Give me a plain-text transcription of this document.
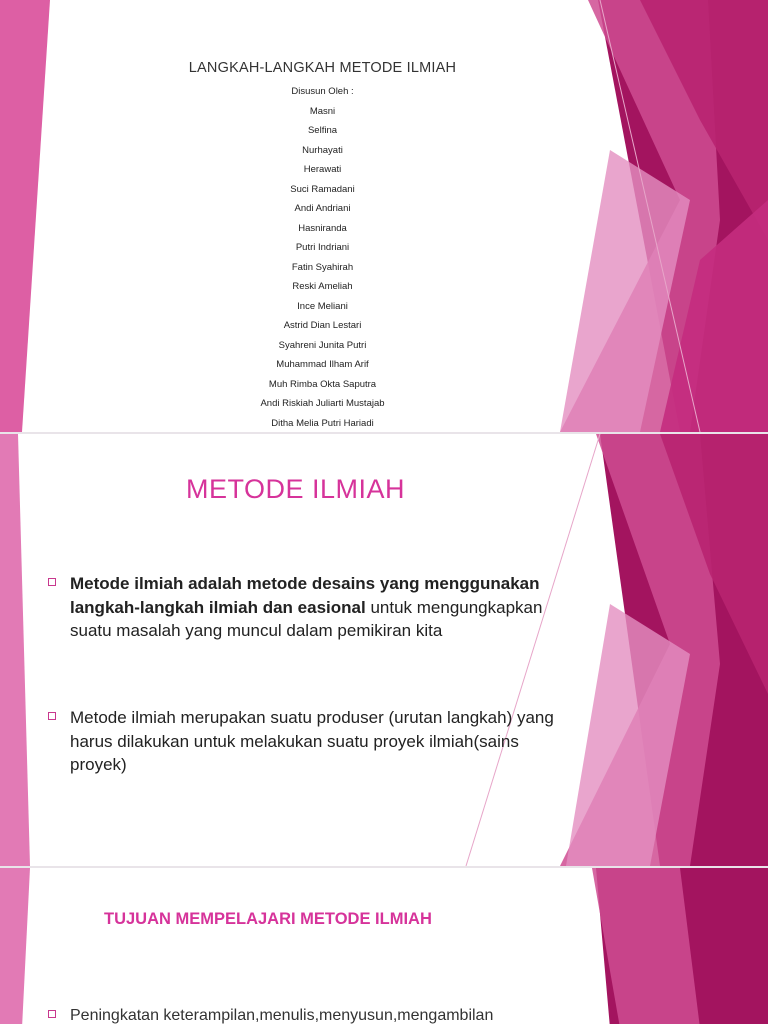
LANGKAH-LANGKAH METODE ILMIAH
Disusun Oleh :
Masni
Selfina
Nurhayati
Herawati
Suci Ramadani
Andi Andriani
Hasniranda
Putri Indriani
Fatin Syahirah
Reski Ameliah
Ince Meliani
Astrid Dian Lestari
Syahreni Junita Putri
Muhammad Ilham Arif
Muh Rimba Okta Saputra
Andi Riskiah Juliarti Mustajab
Ditha Melia Putri Hariadi
METODE ILMIAH
Metode ilmiah adalah metode desains yang menggunakan langkah-langkah ilmiah dan easional untuk mengungkapkan suatu masalah yang muncul dalam pemikiran kita
Metode ilmiah merupakan suatu produser (urutan langkah) yang harus dilakukan untuk melakukan suatu proyek ilmiah(sains proyek)
TUJUAN MEMPELAJARI METODE ILMIAH
Peningkatan keterampilan,menulis,menyusun,mengambilan
